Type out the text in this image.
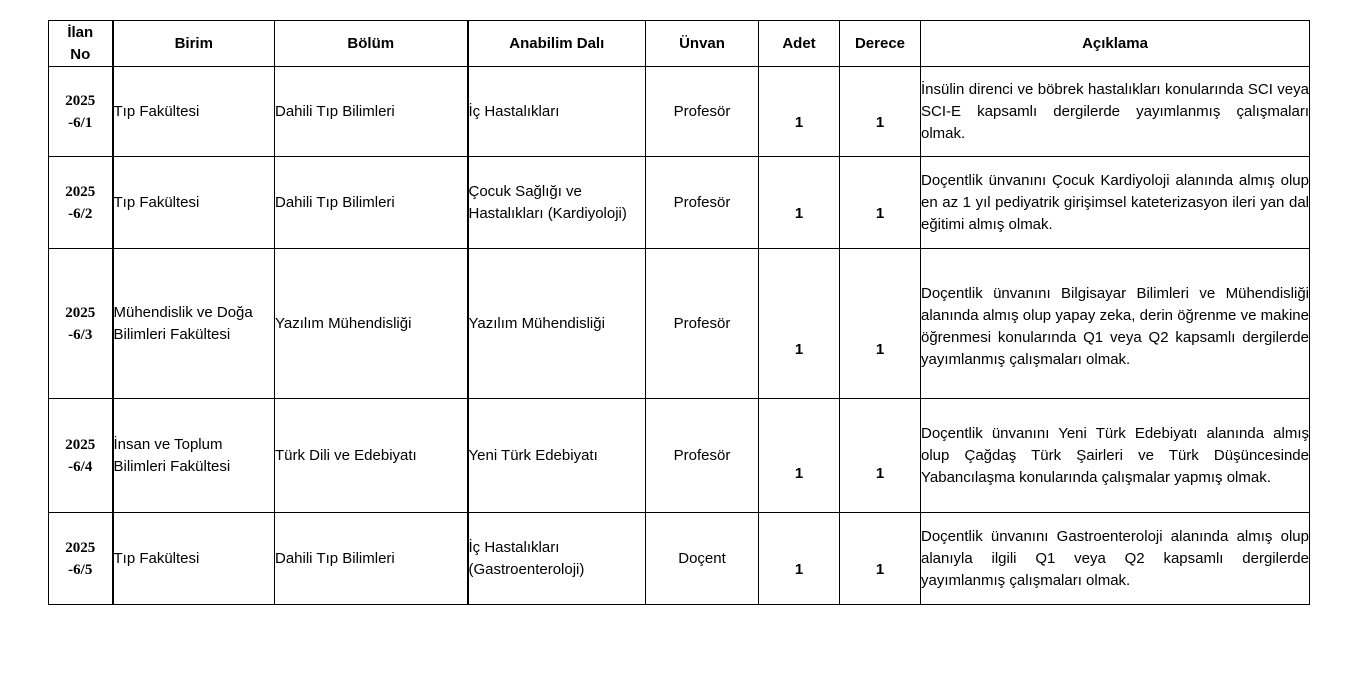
İlan
No	Birim	Bölüm	Anabilim Dalı	Ünvan	Adet	Derece	Açıklama
2025
-6/1	Tıp Fakültesi	Dahili Tıp Bilimleri	İç Hastalıkları	Profesör	1	1	İnsülin direnci ve böbrek hastalıkları konularında SCI veya SCI-E kapsamlı dergilerde yayımlanmış çalışmaları olmak.

2025
-6/2	Tıp Fakültesi	Dahili Tıp Bilimleri	Çocuk Sağlığı ve Hastalıkları (Kardiyoloji)	Profesör	1	1	Doçentlik ünvanını Çocuk Kardiyoloji alanında almış olup en az 1 yıl pediyatrik girişimsel kateterizasyon ileri yan dal eğitimi almış olmak.

2025
-6/3	Mühendislik ve Doğa Bilimleri Fakültesi	Yazılım Mühendisliği	Yazılım Mühendisliği	Profesör	1	1	Doçentlik ünvanını Bilgisayar Bilimleri ve Mühendisliği alanında almış olup yapay zeka, derin öğrenme ve makine öğrenmesi konularında Q1 veya Q2 kapsamlı dergilerde yayımlanmış çalışmaları olmak.

2025
-6/4	İnsan ve Toplum Bilimleri Fakültesi	Türk Dili ve Edebiyatı	Yeni Türk Edebiyatı	Profesör	1	1	Doçentlik ünvanını Yeni Türk Edebiyatı alanında almış olup Çağdaş Türk Şairleri ve Türk Düşüncesinde Yabancılaşma konularında çalışmalar yapmış olmak.

2025
-6/5	Tıp Fakültesi	Dahili Tıp Bilimleri	İç Hastalıkları (Gastroenteroloji)	Doçent	1	1	Doçentlik ünvanını Gastroenteroloji alanında almış olup alanıyla ilgili Q1 veya Q2 kapsamlı dergilerde yayımlanmış çalışmaları olmak.
